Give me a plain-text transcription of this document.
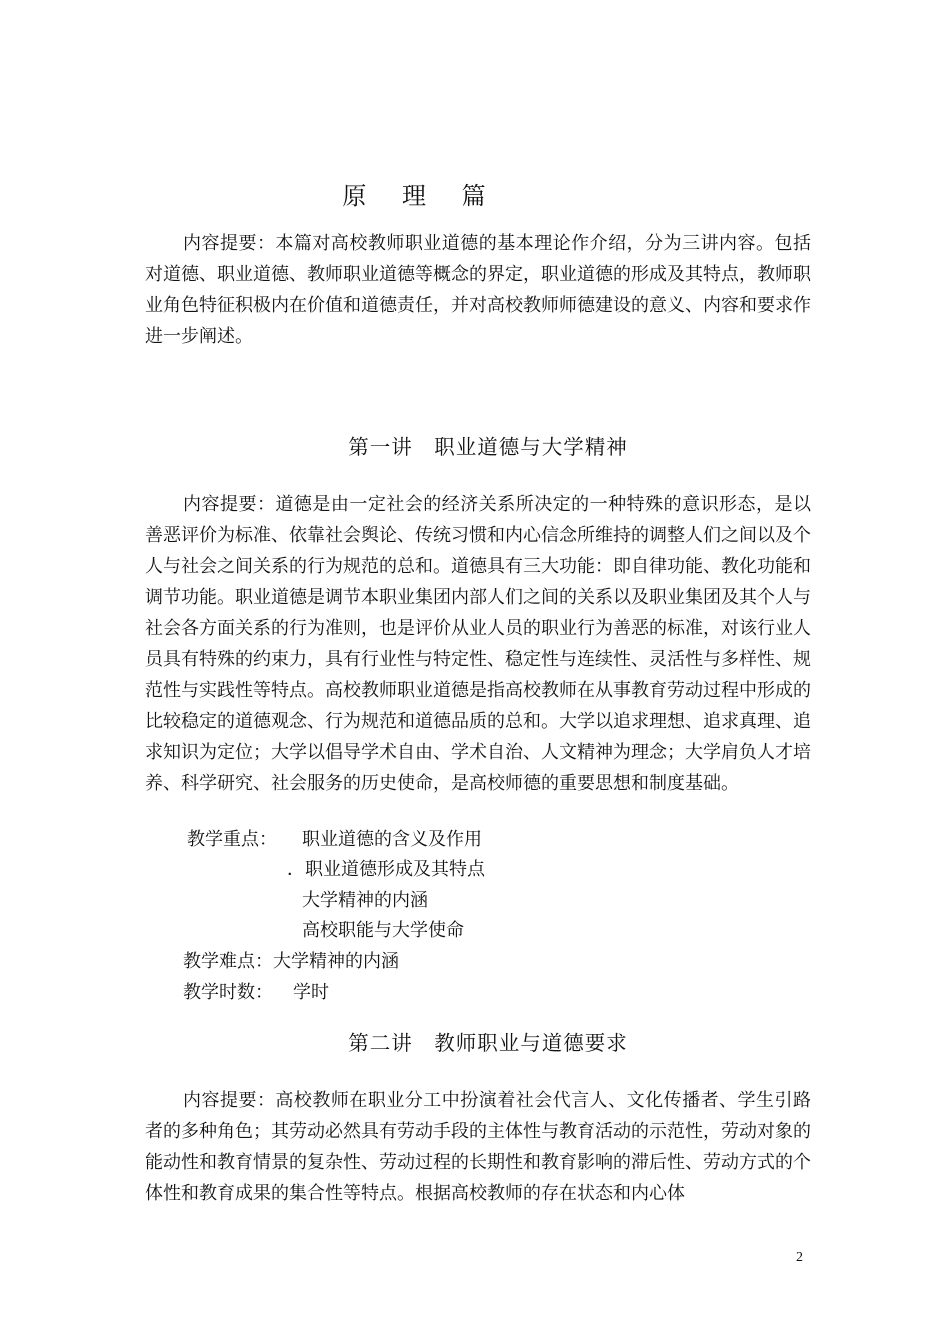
原 理 篇

内容提要：本篇对高校教师职业道德的基本理论作介绍，分为三讲内容。包括对道德、职业道德、教师职业道德等概念的界定，职业道德的形成及其特点，教师职业角色特征积极内在价值和道德责任，并对高校教师师德建设的意义、内容和要求作进一步阐述。

第一讲　职业道德与大学精神

内容提要：道德是由一定社会的经济关系所决定的一种特殊的意识形态，是以善恶评价为标准、依靠社会舆论、传统习惯和内心信念所维持的调整人们之间以及个人与社会之间关系的行为规范的总和。道德具有三大功能：即自律功能、教化功能和调节功能。职业道德是调节本职业集团内部人们之间的关系以及职业集团及其个人与社会各方面关系的行为准则，也是评价从业人员的职业行为善恶的标准，对该行业人员具有特殊的约束力，具有行业性与特定性、稳定性与连续性、灵活性与多样性、规范性与实践性等特点。高校教师职业道德是指高校教师在从事教育劳动过程中形成的比较稳定的道德观念、行为规范和道德品质的总和。大学以追求理想、追求真理、追求知识为定位；大学以倡导学术自由、学术自治、人文精神为理念；大学肩负人才培养、科学研究、社会服务的历史使命，是高校师德的重要思想和制度基础。

教学重点： 职业道德的含义及作用
．职业道德形成及其特点
大学精神的内涵
高校职能与大学使命
教学难点： 大学精神的内涵
教学时数： 学时
第二讲　教师职业与道德要求

内容提要：高校教师在职业分工中扮演着社会代言人、文化传播者、学生引路者的多种角色；其劳动必然具有劳动手段的主体性与教育活动的示范性，劳动对象的能动性和教育情景的复杂性、劳动过程的长期性和教育影响的滞后性、劳动方式的个体性和教育成果的集合性等特点。根据高校教师的存在状态和内心体

2
